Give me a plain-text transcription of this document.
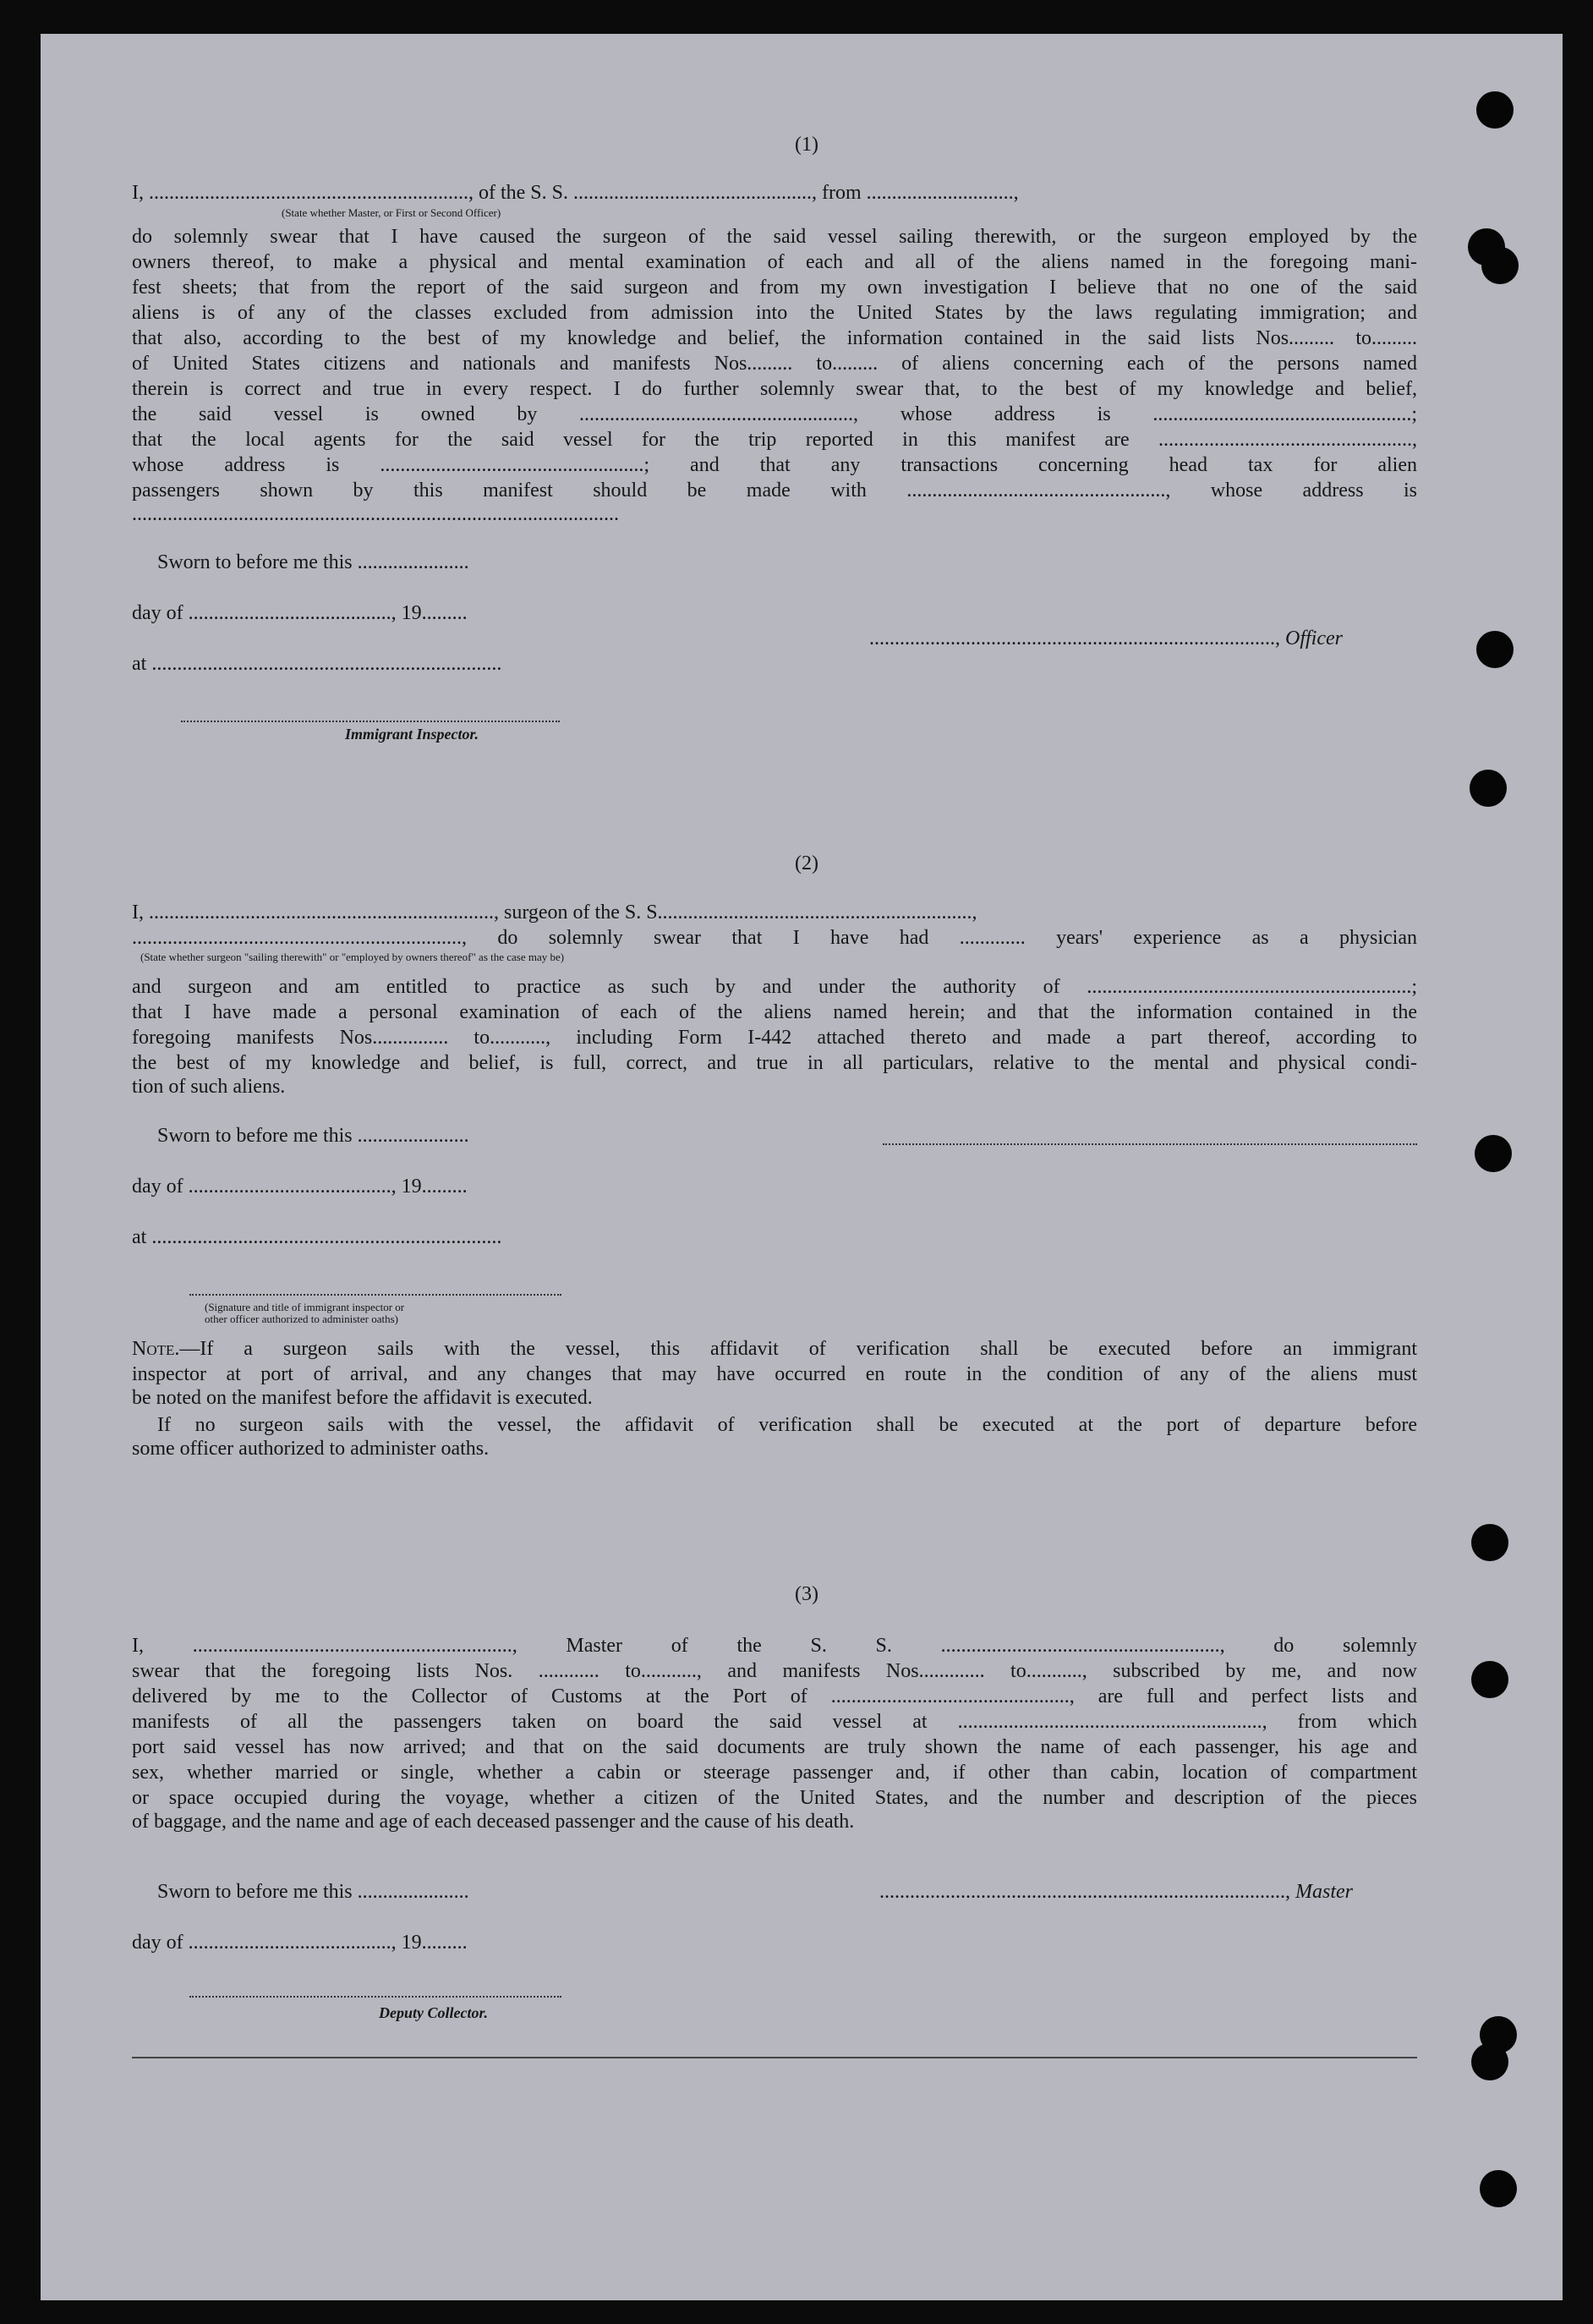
(1)
I, ..............................................................., of the S. S. ..............................................., from .............................,
(State whether Master, or First or Second Officer)
do solemnly swear that I have caused the surgeon of the said vessel sailing therewith, or the surgeon employed by the
owners thereof, to make a physical and mental examination of each and all of the aliens named in the foregoing mani-
fest sheets; that from the report of the said surgeon and from my own investigation I believe that no one of the said
aliens is of any of the classes excluded from admission into the United States by the laws regulating immigration; and
that also, according to the best of my knowledge and belief, the information contained in the said lists Nos......... to.........
of United States citizens and nationals and manifests Nos......... to......... of aliens concerning each of the persons named
therein is correct and true in every respect. I do further solemnly swear that, to the best of my knowledge and belief,
the said vessel is owned by ......................................................, whose address is ...................................................;
that the local agents for the said vessel for the trip reported in this manifest are ..................................................,
whose address is ....................................................; and that any transactions concerning head tax for alien
passengers shown by this manifest should be made with ..................................................., whose address is
................................................................................................
Sworn to before me this ......................
day of ........................................, 19.........
at .....................................................................
................................................................................, Officer
Immigrant Inspector.
(2)
I, ...................................................................., surgeon of the S. S..............................................................,
................................................................., do solemnly swear that I have had ............. years' experience as a physician
(State whether surgeon "sailing therewith" or "employed by owners thereof" as the case may be)
and surgeon and am entitled to practice as such by and under the authority of ................................................................;
that I have made a personal examination of each of the aliens named herein; and that the information contained in the
foregoing manifests Nos............... to..........., including Form I-442 attached thereto and made a part thereof, according to
the best of my knowledge and belief, is full, correct, and true in all particulars, relative to the mental and physical condi-
tion of such aliens.
Sworn to before me this ......................
day of ........................................, 19.........
at .....................................................................
(Signature and title of immigrant inspector or
other officer authorized to administer oaths)
Note.—If a surgeon sails with the vessel, this affidavit of verification shall be executed before an immigrant
inspector at port of arrival, and any changes that may have occurred en route in the condition of any of the aliens must
be noted on the manifest before the affidavit is executed.
If no surgeon sails with the vessel, the affidavit of verification shall be executed at the port of departure before
some officer authorized to administer oaths.
(3)
I, ..............................................................., Master of the S. S. ......................................................., do solemnly
swear that the foregoing lists Nos. ............ to..........., and manifests Nos............. to..........., subscribed by me, and now
delivered by me to the Collector of Customs at the Port of ..............................................., are full and perfect lists and
manifests of all the passengers taken on board the said vessel at ............................................................, from which
port said vessel has now arrived; and that on the said documents are truly shown the name of each passenger, his age and
sex, whether married or single, whether a cabin or steerage passenger and, if other than cabin, location of compartment
or space occupied during the voyage, whether a citizen of the United States, and the number and description of the pieces
of baggage, and the name and age of each deceased passenger and the cause of his death.
Sworn to before me this ......................	................................................................................, Master
day of ........................................, 19.........
Deputy Collector.
